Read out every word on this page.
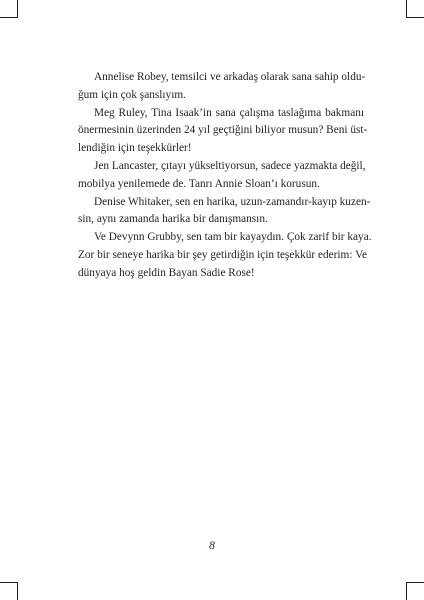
Annelise Robey, temsilci ve arkadaş olarak sana sahip oldu-
ğum için çok şanslıyım.

Meg Ruley, Tina Isaak’in sana çalışma taslağıma bakmanı
önermesinin üzerinden 24 yıl geçtiğini biliyor musun? Beni üst-
lendiğin için teşekkürler!

Jen Lancaster, çıtayı yükseltiyorsun, sadece yazmakta değil,
mobilya yenilemede de. Tanrı Annie Sloan’ı korusun.

Denise Whitaker, sen en harika, uzun-zamandır-kayıp kuzen-
sin, aynı zamanda harika bir danışmansın.

Ve Devynn Grubby, sen tam bir kayaydın. Çok zarif bir kaya.
Zor bir seneye harika bir şey getirdiğin için teşekkür ederim: Ve
dünyaya hoş geldin Bayan Sadie Rose!

8
